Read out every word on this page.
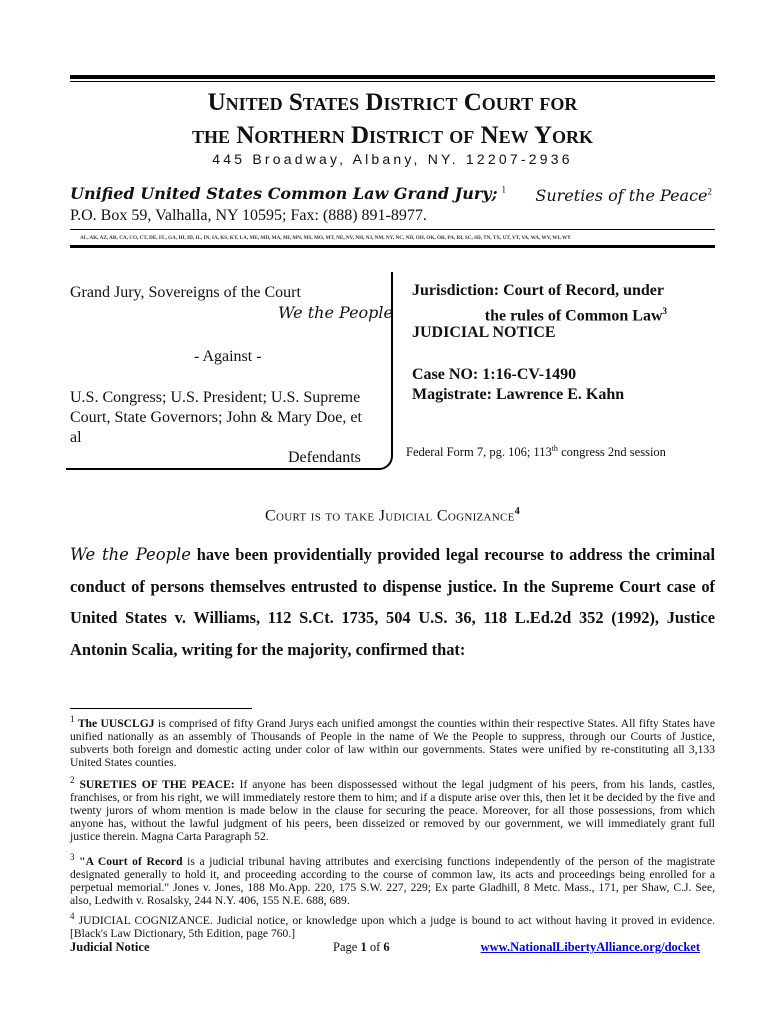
United States District Court for
the Northern District of New York
445 Broadway, Albany, NY. 12207-2936
Unified United States Common Law Grand Jury; $^1$ Sureties of the Peace$^2$
P.O. Box 59, Valhalla, NY 10595; Fax: (888) 891-8977.
AL, AK, AZ, AR, CA, CO, CT, DE, FL, GA, HI, ID, IL, IN, IA, KS, KY, LA, ME, MD, MA, MI, MN, MS, MO, MT, NE, NV, NH, NJ, NM, NY, NC, ND, OH, OK, OR, PA, RI, SC, SD, TN, TX, UT, VT, VA, WA, WV, WI, WY
Grand Jury, Sovereigns of the Court
We the People
- Against -
U.S. Congress; U.S. President; U.S. Supreme
Court, State Governors; John & Mary Doe, et
al
Defendants
Jurisdiction: Court of Record, under
the rules of Common Law$^3$
JUDICIAL NOTICE
Case NO: 1:16-CV-1490
Magistrate: Lawrence E. Kahn
Federal Form 7, pg. 106; 113th congress 2nd session
Court is to take Judicial Cognizance$^4$
We the People have been providentially provided legal recourse to address the criminal conduct of persons themselves entrusted to dispense justice. In the Supreme Court case of United States v. Williams, 112 S.Ct. 1735, 504 U.S. 36, 118 L.Ed.2d 352 (1992), Justice Antonin Scalia, writing for the majority, confirmed that:
$^1$ The UUSCLGJ is comprised of fifty Grand Jurys each unified amongst the counties within their respective States. All fifty States have unified nationally as an assembly of Thousands of People in the name of We the People to suppress, through our Courts of Justice, subverts both foreign and domestic acting under color of law within our governments. States were unified by re-constituting all 3,133 United States counties.
$^2$ SURETIES OF THE PEACE: If anyone has been dispossessed without the legal judgment of his peers, from his lands, castles, franchises, or from his right, we will immediately restore them to him; and if a dispute arise over this, then let it be decided by the five and twenty jurors of whom mention is made below in the clause for securing the peace. Moreover, for all those possessions, from which anyone has, without the lawful judgment of his peers, been disseized or removed by our government, we will immediately grant full justice therein. Magna Carta Paragraph 52.
$^3$ "A Court of Record is a judicial tribunal having attributes and exercising functions independently of the person of the magistrate designated generally to hold it, and proceeding according to the course of common law, its acts and proceedings being enrolled for a perpetual memorial." Jones v. Jones, 188 Mo.App. 220, 175 S.W. 227, 229; Ex parte Gladhill, 8 Metc. Mass., 171, per Shaw, C.J. See, also, Ledwith v. Rosalsky, 244 N.Y. 406, 155 N.E. 688, 689.
$^4$ JUDICIAL COGNIZANCE. Judicial notice, or knowledge upon which a judge is bound to act without having it proved in evidence. [Black's Law Dictionary, 5th Edition, page 760.]
Judicial Notice	Page 1 of 6	www.NationalLibertyAlliance.org/docket
